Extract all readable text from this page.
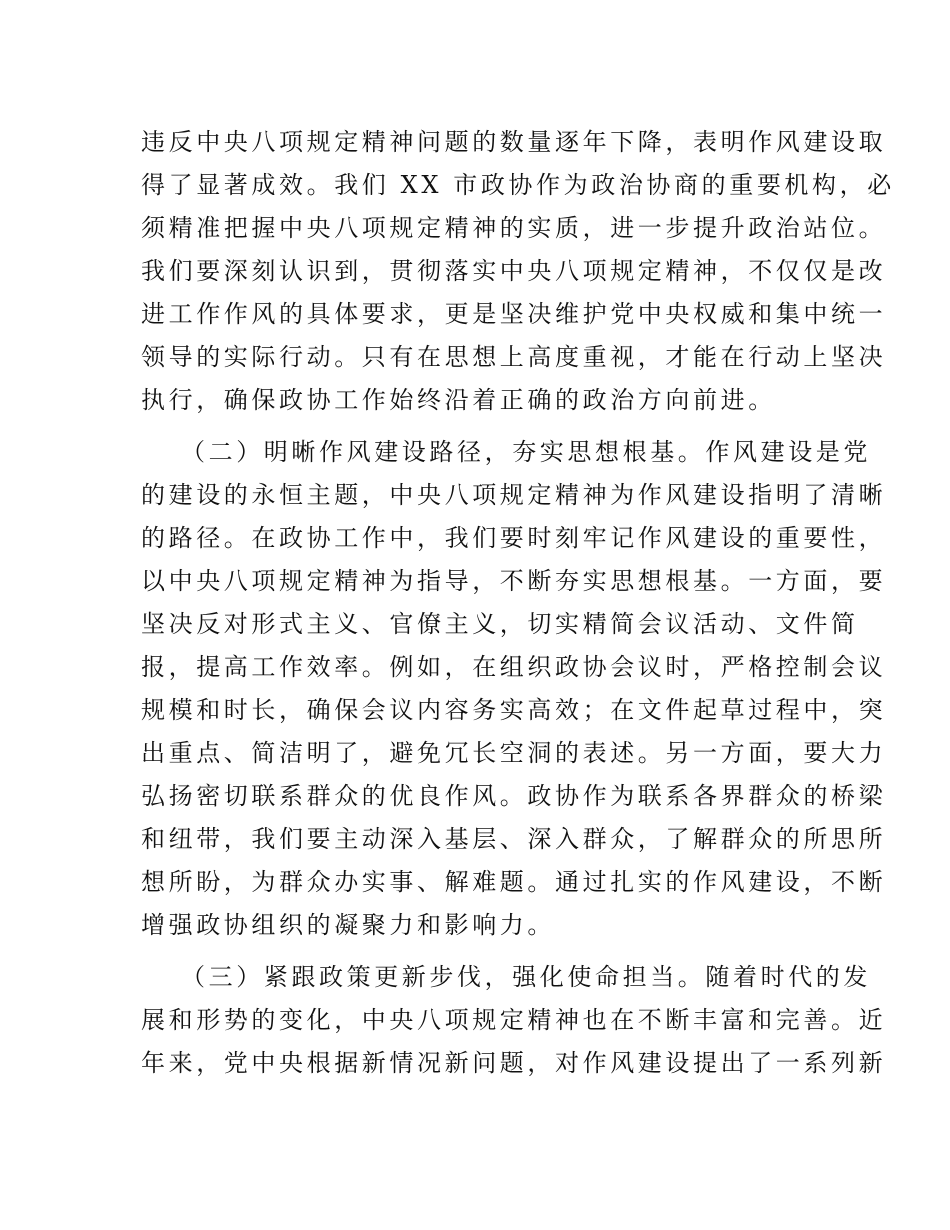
违反中央八项规定精神问题的数量逐年下降，表明作风建设取
得了显著成效。我们 XX 市政协作为政治协商的重要机构，必
须精准把握中央八项规定精神的实质，进一步提升政治站位。
我们要深刻认识到，贯彻落实中央八项规定精神，不仅仅是改
进工作作风的具体要求，更是坚决维护党中央权威和集中统一
领导的实际行动。只有在思想上高度重视，才能在行动上坚决
执行，确保政协工作始终沿着正确的政治方向前进。
（二）明晰作风建设路径，夯实思想根基。作风建设是党
的建设的永恒主题，中央八项规定精神为作风建设指明了清晰
的路径。在政协工作中，我们要时刻牢记作风建设的重要性，
以中央八项规定精神为指导，不断夯实思想根基。一方面，要
坚决反对形式主义、官僚主义，切实精简会议活动、文件简
报，提高工作效率。例如，在组织政协会议时，严格控制会议
规模和时长，确保会议内容务实高效；在文件起草过程中，突
出重点、简洁明了，避免冗长空洞的表述。另一方面，要大力
弘扬密切联系群众的优良作风。政协作为联系各界群众的桥梁
和纽带，我们要主动深入基层、深入群众，了解群众的所思所
想所盼，为群众办实事、解难题。通过扎实的作风建设，不断
增强政协组织的凝聚力和影响力。
（三）紧跟政策更新步伐，强化使命担当。随着时代的发
展和形势的变化，中央八项规定精神也在不断丰富和完善。近
年来，党中央根据新情况新问题，对作风建设提出了一系列新
